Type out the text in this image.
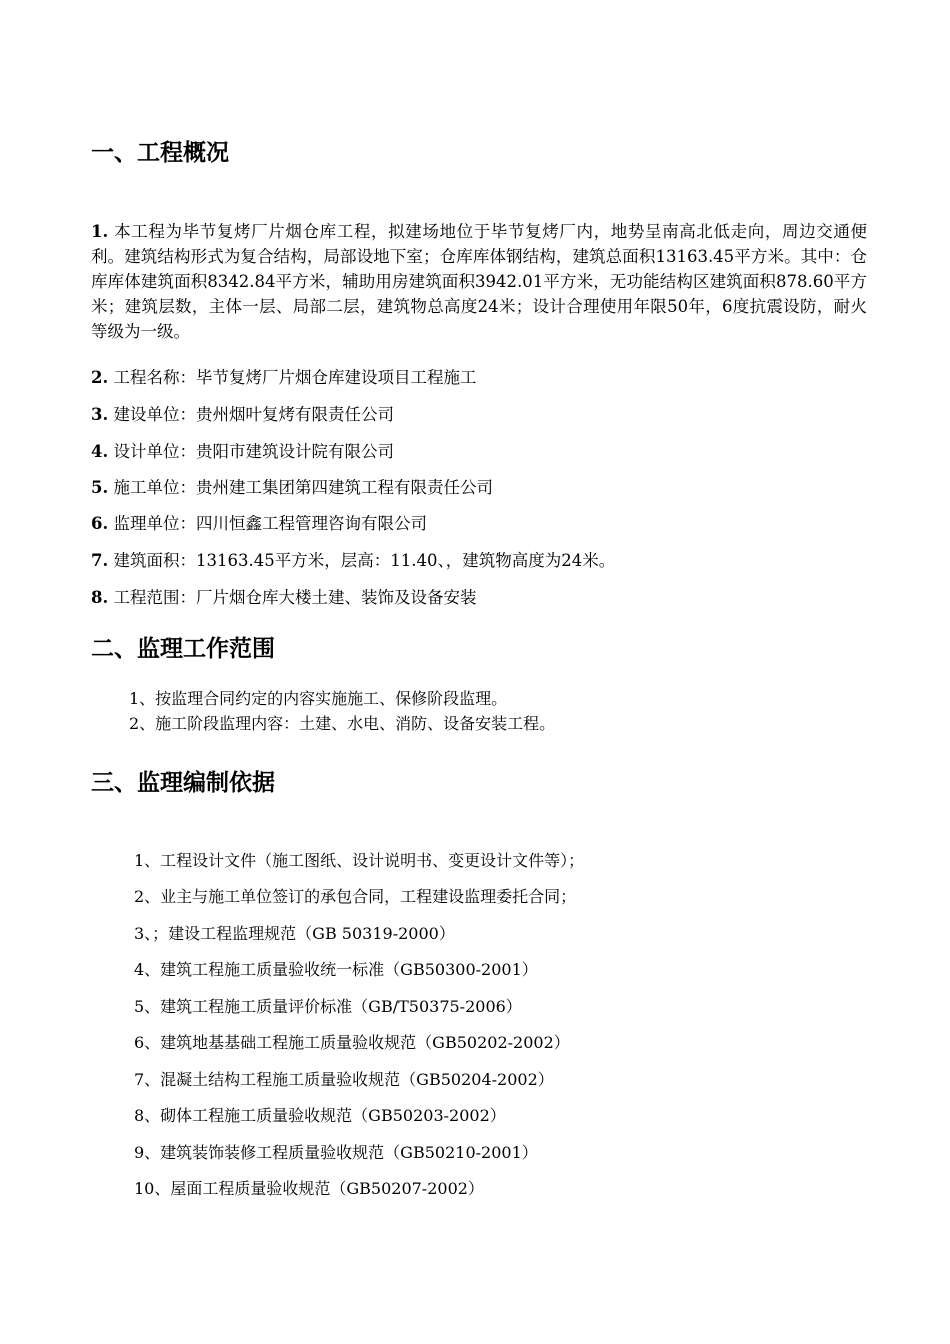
一、工程概况

1. 本工程为毕节复烤厂片烟仓库工程，拟建场地位于毕节复烤厂内，地势呈南高北低走向，周边交通便利。建筑结构形式为复合结构，局部设地下室；仓库库体钢结构，建筑总面积13163.45平方米。其中：仓库库体建筑面积8342.84平方米，辅助用房建筑面积3942.01平方米，无功能结构区建筑面积878.60平方米；建筑层数，主体一层、局部二层，建筑物总高度24米；设计合理使用年限50年，6度抗震设防，耐火等级为一级。

2. 工程名称：毕节复烤厂片烟仓库建设项目工程施工

3. 建设单位：贵州烟叶复烤有限责任公司

4. 设计单位：贵阳市建筑设计院有限公司

5. 施工单位：贵州建工集团第四建筑工程有限责任公司

6. 监理单位：四川恒鑫工程管理咨询有限公司

7. 建筑面积：13163.45平方米，层高：11.40、，建筑物高度为24米。

8. 工程范围：厂片烟仓库大楼土建、装饰及设备安装

二、监理工作范围

1、按监理合同约定的内容实施施工、保修阶段监理。

2、施工阶段监理内容：土建、水电、消防、设备安装工程。

三、监理编制依据

1、工程设计文件（施工图纸、设计说明书、变更设计文件等）；

2、业主与施工单位签订的承包合同，工程建设监理委托合同；

3、；建设工程监理规范（GB 50319-2000）

4、建筑工程施工质量验收统一标准（GB50300-2001）

5、建筑工程施工质量评价标准（GB/T50375-2006）

6、建筑地基基础工程施工质量验收规范（GB50202-2002）

7、混凝土结构工程施工质量验收规范（GB50204-2002）

8、砌体工程施工质量验收规范（GB50203-2002）

9、建筑装饰装修工程质量验收规范（GB50210-2001）

10、屋面工程质量验收规范（GB50207-2002）
